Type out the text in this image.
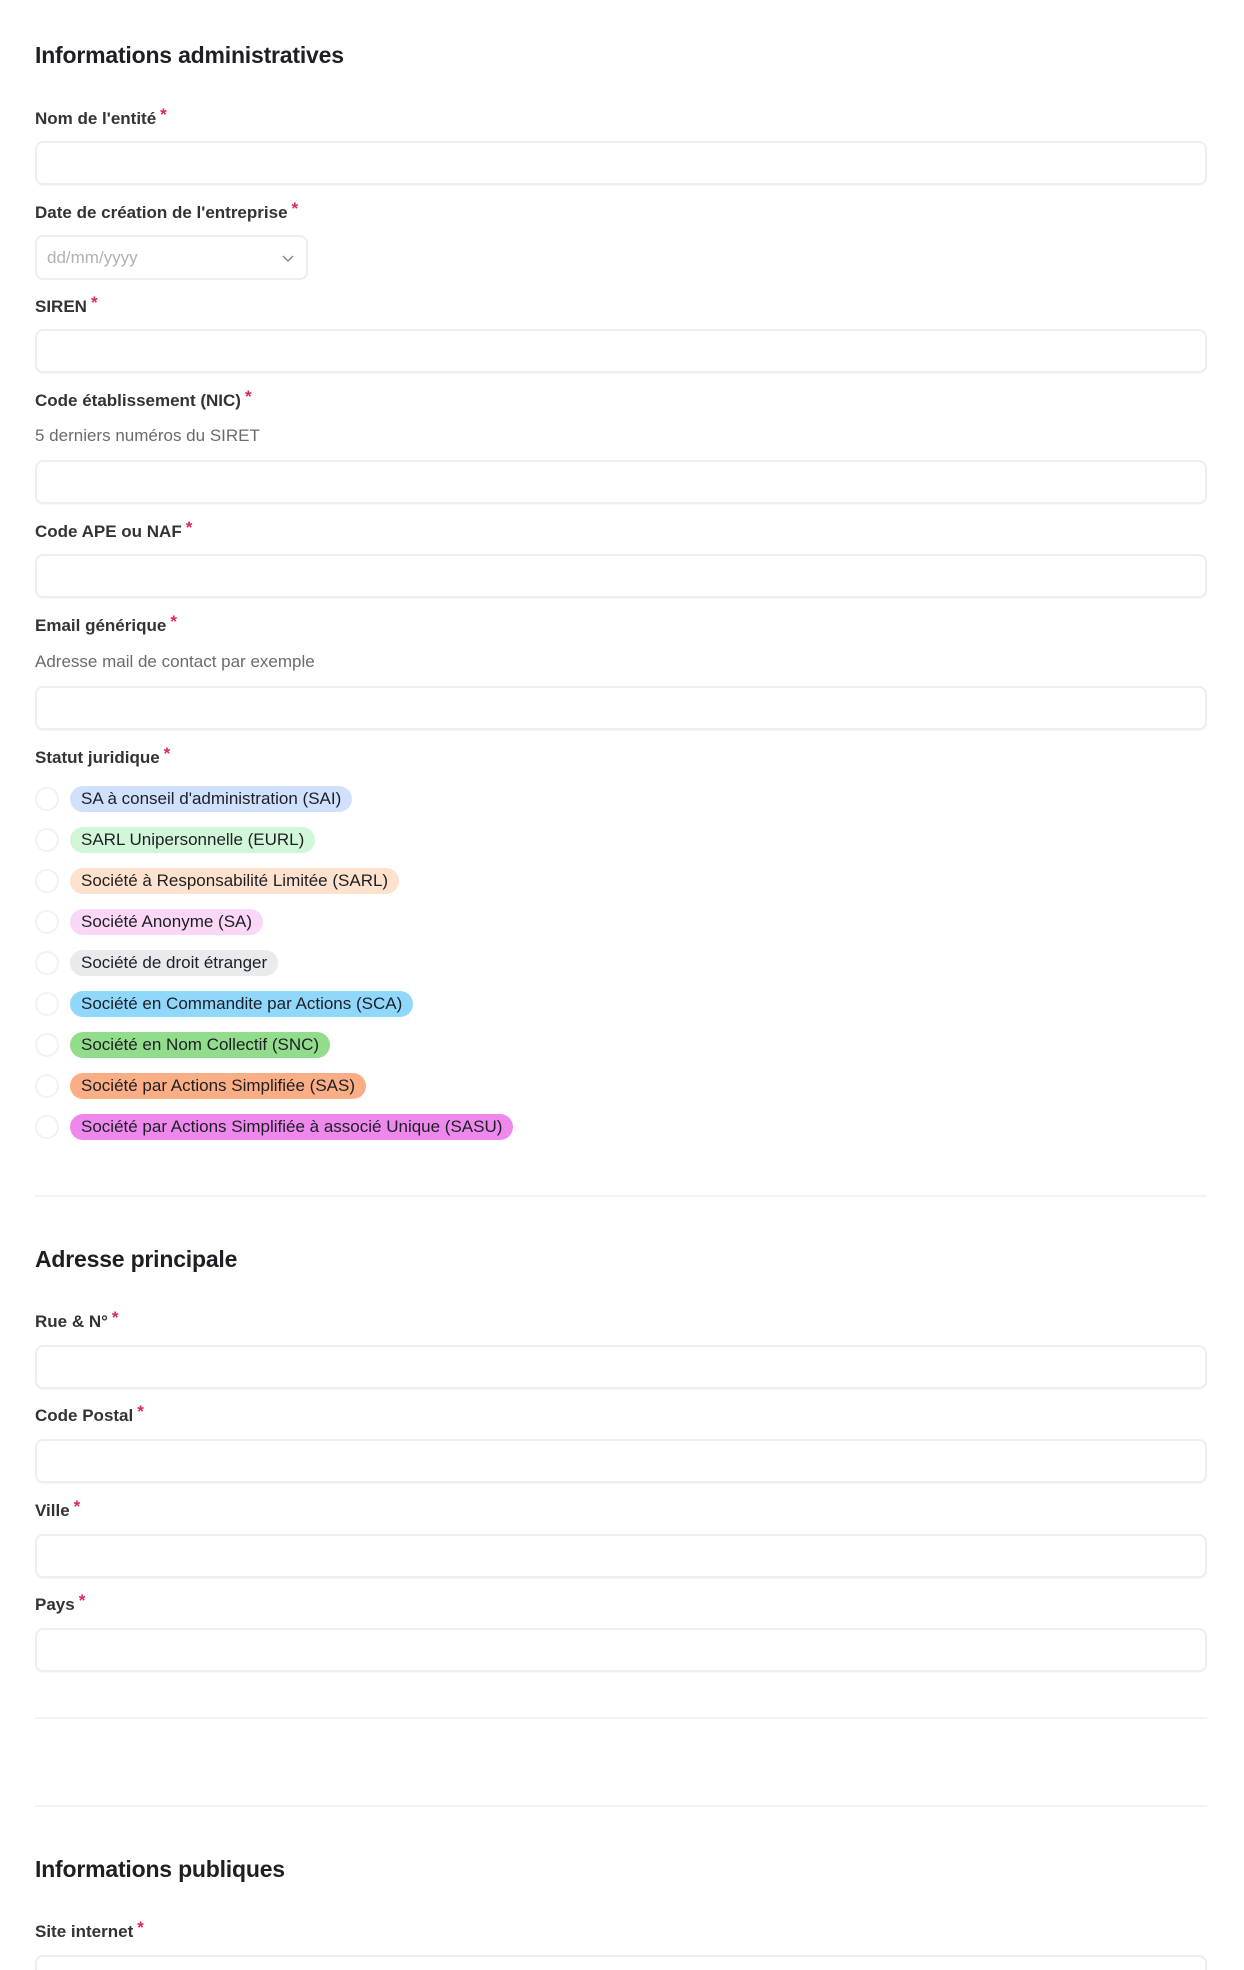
Informations administratives
Nom de l'entité *
Date de création de l'entreprise *
dd/mm/yyyy
SIREN *
Code établissement (NIC) *
5 derniers numéros du SIRET
Code APE ou NAF *
Email générique *
Adresse mail de contact par exemple
Statut juridique *
SA à conseil d'administration (SAI)
SARL Unipersonnelle (EURL)
Société à Responsabilité Limitée (SARL)
Société Anonyme (SA)
Société de droit étranger
Société en Commandite par Actions (SCA)
Société en Nom Collectif (SNC)
Société par Actions Simplifiée (SAS)
Société par Actions Simplifiée à associé Unique (SASU)
Adresse principale
Rue & N° *
Code Postal *
Ville *
Pays *
Informations publiques
Site internet *
